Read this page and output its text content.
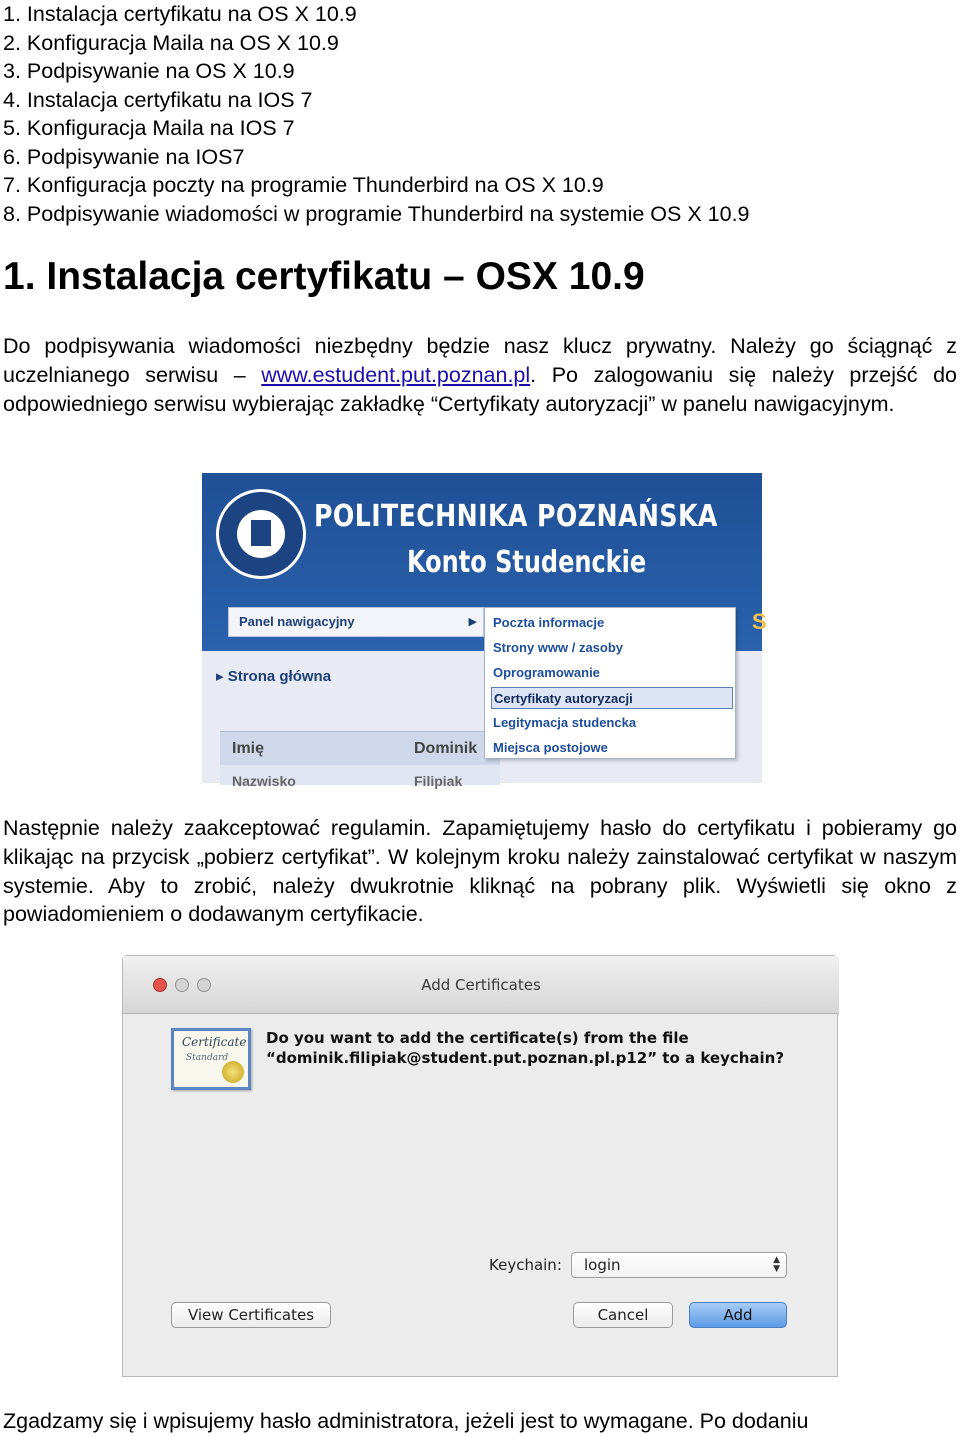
1. Instalacja certyfikatu na OS X 10.9
2. Konfiguracja Maila na OS X 10.9
3. Podpisywanie na OS X 10.9
4. Instalacja certyfikatu na IOS 7
5. Konfiguracja Maila na IOS 7
6. Podpisywanie na IOS7
7. Konfiguracja poczty na programie Thunderbird na OS X 10.9
8. Podpisywanie wiadomości w programie Thunderbird na systemie OS X 10.9
1. Instalacja certyfikatu – OSX 10.9

Do podpisywania wiadomości niezbędny będzie nasz klucz prywatny. Należy go ściągnąć z uczelnianego serwisu – www.estudent.put.poznan.pl. Po zalogowaniu się należy przejść do odpowiedniego serwisu wybierając zakładkę “Certyfikaty autoryzacji” w panelu nawigacyjnym.

POLITECHNIKA POZNAŃSKA
Konto Studenckie
S
Panel nawigacyjny	▶
▸ Strona główna
Imię	Dominik
Nazwisko	Filipiak
Poczta informacje
Strony www / zasoby
Oprogramowanie
Certyfikaty autoryzacji
Legitymacja studencka
Miejsca postojowe

Następnie należy zaakceptować regulamin. Zapamiętujemy hasło do certyfikatu i pobieramy go klikając na przycisk „pobierz certyfikat”. W kolejnym kroku należy zainstalować certyfikat w naszym systemie. Aby to zrobić, należy dwukrotnie kliknąć na pobrany plik. Wyświetli się okno z powiadomieniem o dodawanym certyfikacie.

Add Certificates
Certificate
Standard
Do you want to add the certificate(s) from the file
“dominik.filipiak@student.put.poznan.pl.p12” to a keychain?
Keychain: login	▲
▼
View Certificates	Cancel	Add

Zgadzamy się i wpisujemy hasło administratora, jeżeli jest to wymagane. Po dodaniu
